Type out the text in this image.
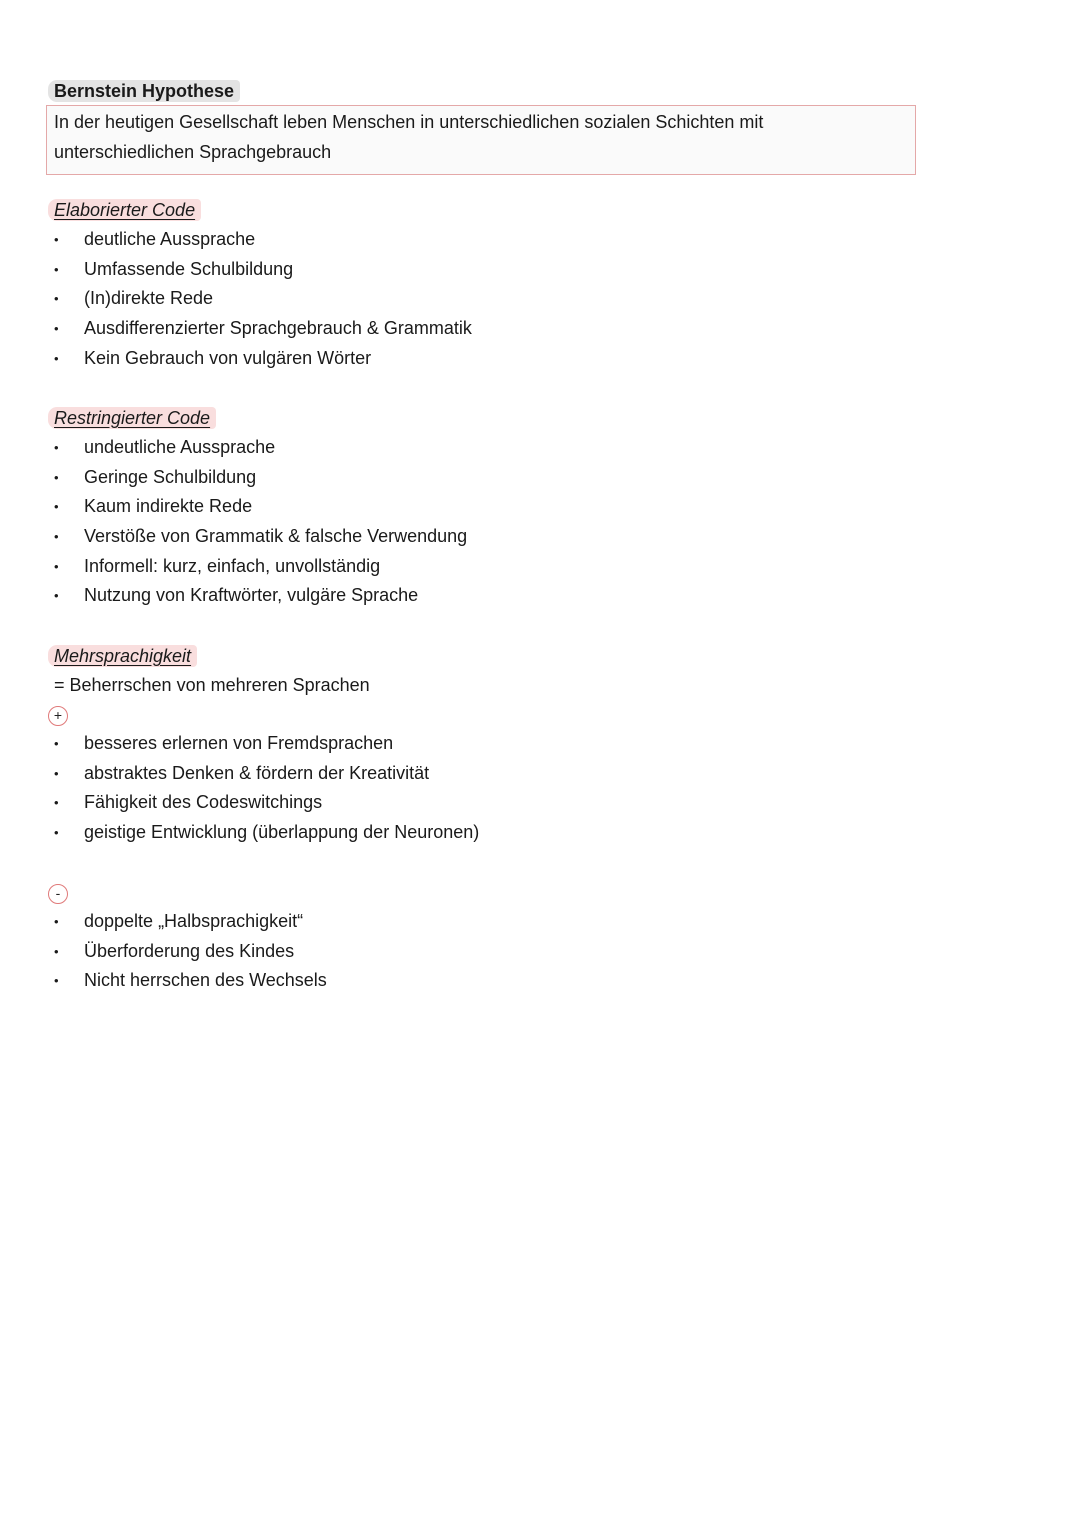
Bernstein Hypothese
In der heutigen Gesellschaft leben Menschen in unterschiedlichen sozialen Schichten mit unterschiedlichen Sprachgebrauch
Elaborierter Code
• deutliche Aussprache
• Umfassende Schulbildung
• (In)direkte Rede
• Ausdifferenzierter Sprachgebrauch & Grammatik
• Kein Gebrauch von vulgären Wörter
Restringierter Code
• undeutliche Aussprache
• Geringe Schulbildung
• Kaum indirekte Rede
• Verstöße von Grammatik & falsche Verwendung
• Informell: kurz, einfach, unvollständig
• Nutzung von Kraftwörter, vulgäre Sprache
Mehrsprachigkeit
= Beherrschen von mehreren Sprachen
+
• besseres erlernen von Fremdsprachen
• abstraktes Denken & fördern der Kreativität
• Fähigkeit des Codeswitchings
• geistige Entwicklung (überlappung der Neuronen)
-
• doppelte „Halbsprachigkeit“
• Überforderung des Kindes
• Nicht herrschen des Wechsels
